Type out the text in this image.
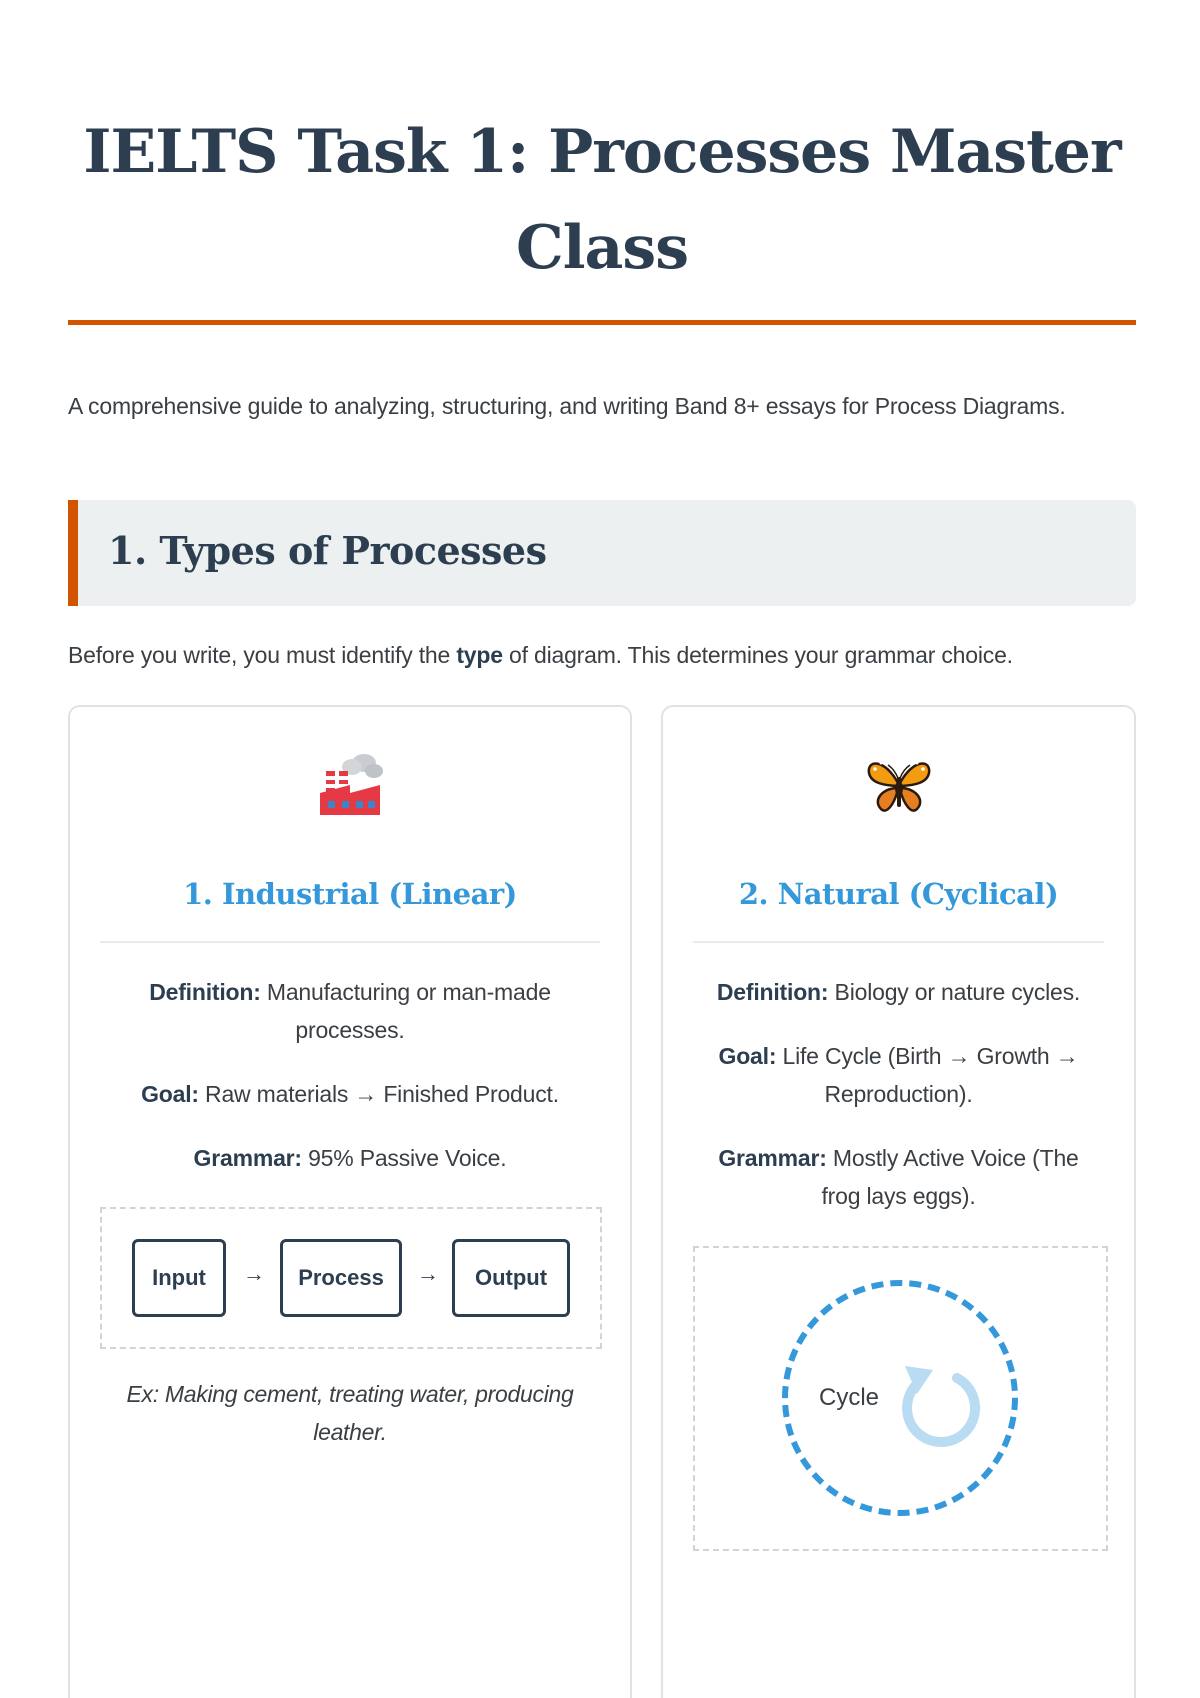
IELTS Task 1: Processes Master Class

A comprehensive guide to analyzing, structuring, and writing Band 8+ essays for Process Diagrams.

1. Types of Processes

Before you write, you must identify the type of diagram. This determines your grammar choice.

1. Industrial (Linear)

Definition: Manufacturing or man-made processes.

Goal: Raw materials → Finished Product.

Grammar: 95% Passive Voice.

Input	→	Process	→	Output

Ex: Making cement, treating water, producing leather.

2. Natural (Cyclical)

Definition: Biology or nature cycles.

Goal: Life Cycle (Birth → Growth → Reproduction).

Grammar: Mostly Active Voice (The frog lays eggs).

Cycle
